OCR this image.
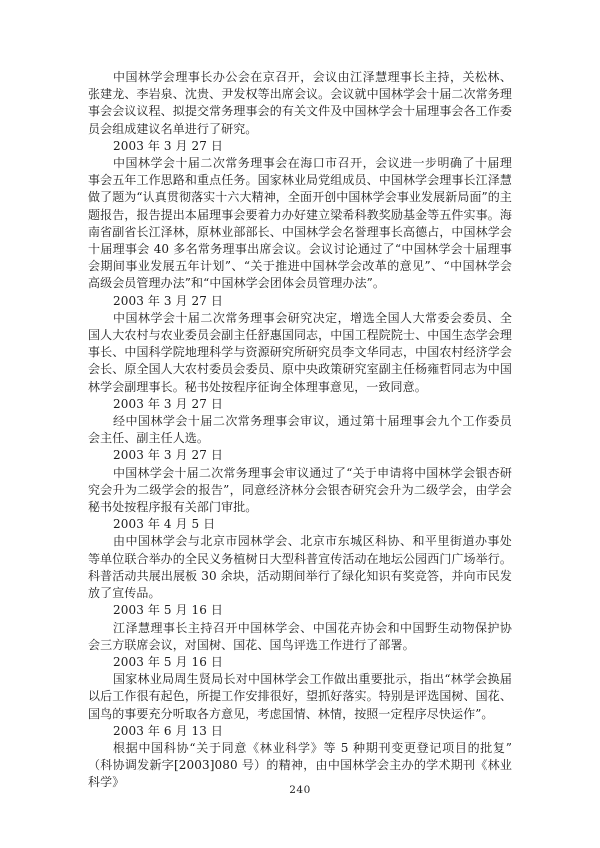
中国林学会理事长办公会在京召开，会议由江泽慧理事长主持，关松林、张建龙、李岩泉、沈贵、尹发权等出席会议。会议就中国林学会十届二次常务理事会会议议程、拟提交常务理事会的有关文件及中国林学会十届理事会各工作委员会组成建议名单进行了研究。

2003 年 3 月 27 日

中国林学会十届二次常务理事会在海口市召开，会议进一步明确了十届理事会五年工作思路和重点任务。国家林业局党组成员、中国林学会理事长江泽慧做了题为“认真贯彻落实十六大精神，全面开创中国林学会事业发展新局面”的主题报告，报告提出本届理事会要着力办好建立梁希科教奖励基金等五件实事。海南省副省长江泽林，原林业部部长、中国林学会名誉理事长高德占，中国林学会十届理事会 40 多名常务理事出席会议。会议讨论通过了“中国林学会十届理事会期间事业发展五年计划”、“关于推进中国林学会改革的意见”、“中国林学会高级会员管理办法”和“中国林学会团体会员管理办法”。

2003 年 3 月 27 日

中国林学会十届二次常务理事会研究决定，增选全国人大常委会委员、全国人大农村与农业委员会副主任舒惠国同志，中国工程院院士、中国生态学会理事长、中国科学院地理科学与资源研究所研究员李文华同志，中国农村经济学会会长、原全国人大农村委员会委员、原中央政策研究室副主任杨雍哲同志为中国林学会副理事长。秘书处按程序征询全体理事意见，一致同意。

2003 年 3 月 27 日

经中国林学会十届二次常务理事会审议，通过第十届理事会九个工作委员会主任、副主任人选。

2003 年 3 月 27 日

中国林学会十届二次常务理事会审议通过了“关于申请将中国林学会银杏研究会升为二级学会的报告”，同意经济林分会银杏研究会升为二级学会，由学会秘书处按程序报有关部门审批。

2003 年 4 月 5 日

由中国林学会与北京市园林学会、北京市东城区科协、和平里街道办事处等单位联合举办的全民义务植树日大型科普宣传活动在地坛公园西门广场举行。科普活动共展出展板 30 余块，活动期间举行了绿化知识有奖竞答，并向市民发放了宣传品。

2003 年 5 月 16 日

江泽慧理事长主持召开中国林学会、中国花卉协会和中国野生动物保护协会三方联席会议，对国树、国花、国鸟评选工作进行了部署。

2003 年 5 月 16 日

国家林业局周生贤局长对中国林学会工作做出重要批示，指出“林学会换届以后工作很有起色，所提工作安排很好，望抓好落实。特别是评选国树、国花、国鸟的事要充分听取各方意见，考虑国情、林情，按照一定程序尽快运作”。

2003 年 6 月 13 日

根据中国科协“关于同意《林业科学》等 5 种期刊变更登记项目的批复”（科协调发新字[2003]080 号）的精神，由中国林学会主办的学术期刊《林业科学》

240
